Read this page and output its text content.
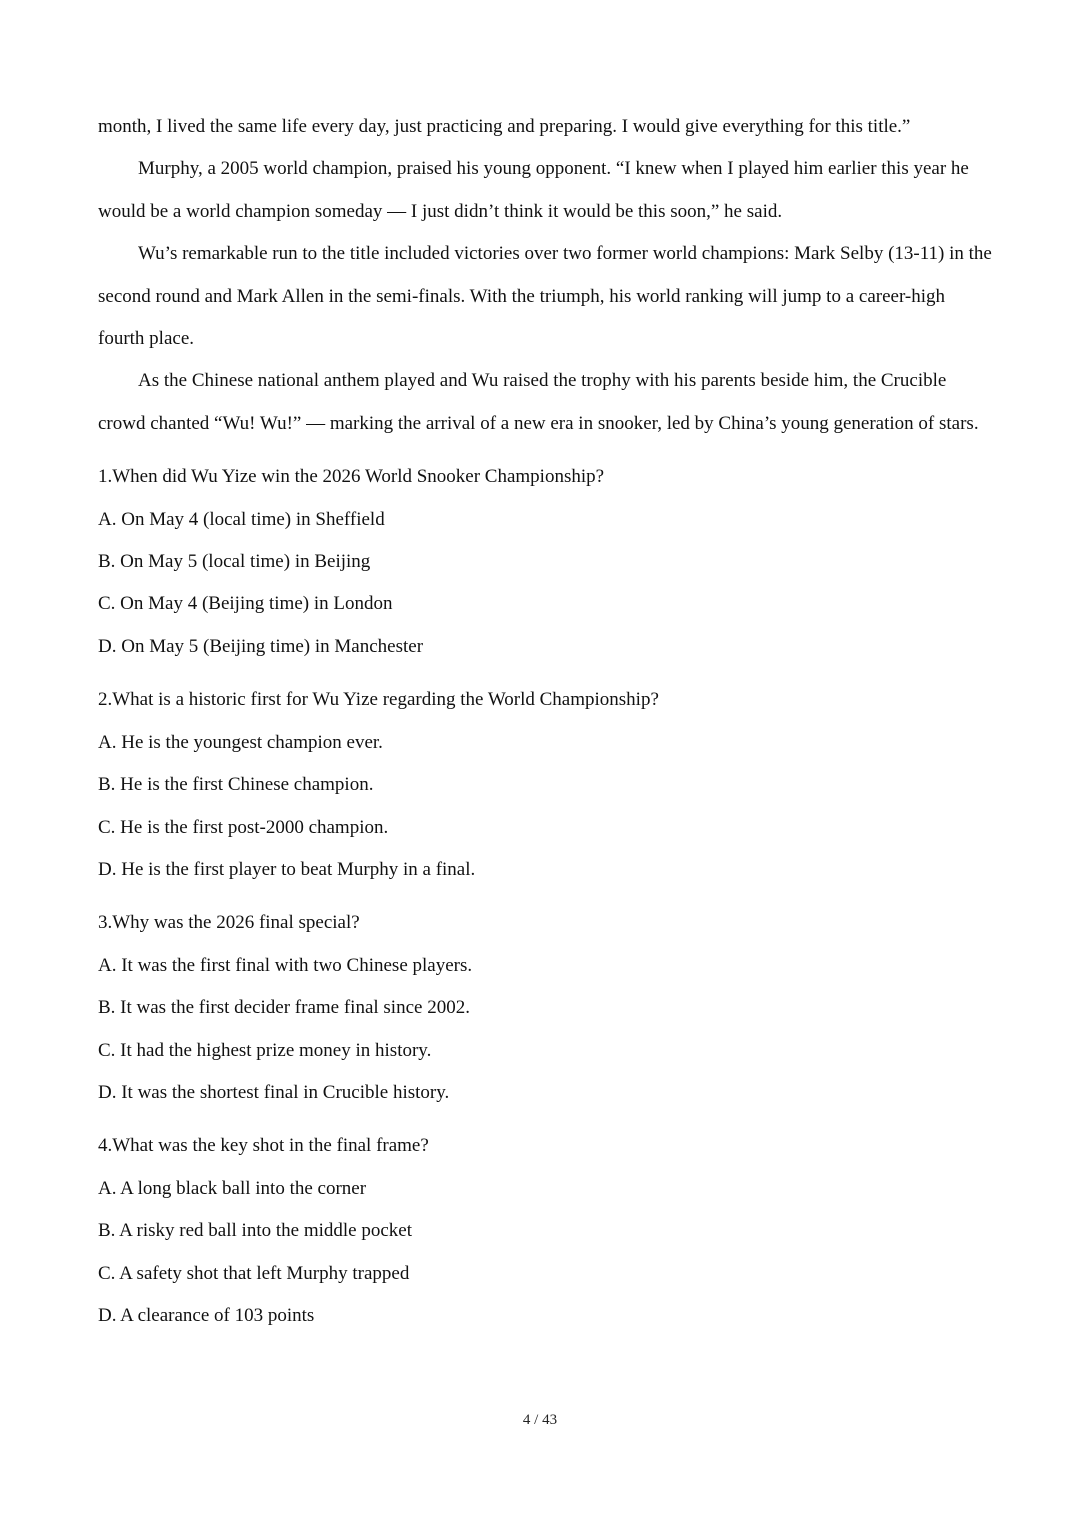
month, I lived the same life every day, just practicing and preparing. I would give everything for this title.”

Murphy, a 2005 world champion, praised his young opponent. “I knew when I played him earlier this year he would be a world champion someday — I just didn’t think it would be this soon,” he said.

Wu’s remarkable run to the title included victories over two former world champions: Mark Selby (13-11) in the second round and Mark Allen in the semi-finals. With the triumph, his world ranking will jump to a career-high fourth place.

As the Chinese national anthem played and Wu raised the trophy with his parents beside him, the Crucible crowd chanted “Wu! Wu!” — marking the arrival of a new era in snooker, led by China’s young generation of stars.

1.When did Wu Yize win the 2026 World Snooker Championship?

A. On May 4 (local time) in Sheffield

B. On May 5 (local time) in Beijing

C. On May 4 (Beijing time) in London

D. On May 5 (Beijing time) in Manchester

2.What is a historic first for Wu Yize regarding the World Championship?

A. He is the youngest champion ever.

B. He is the first Chinese champion.

C. He is the first post-2000 champion.

D. He is the first player to beat Murphy in a final.

3.Why was the 2026 final special?

A. It was the first final with two Chinese players.

B. It was the first decider frame final since 2002.

C. It had the highest prize money in history.

D. It was the shortest final in Crucible history.

4.What was the key shot in the final frame?

A. A long black ball into the corner

B. A risky red ball into the middle pocket

C. A safety shot that left Murphy trapped

D. A clearance of 103 points

4 / 43
